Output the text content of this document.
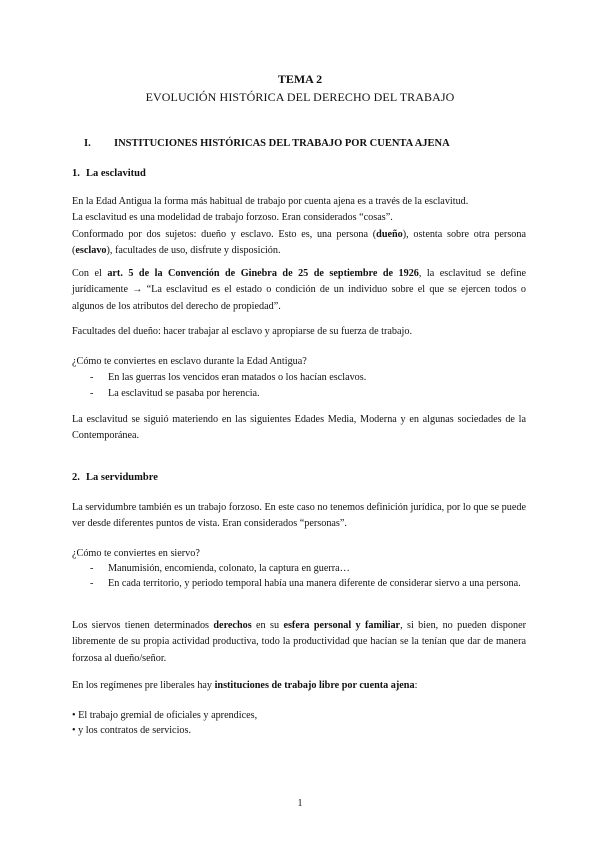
TEMA 2
EVOLUCIÓN HISTÓRICA DEL DERECHO DEL TRABAJO
I. INSTITUCIONES HISTÓRICAS DEL TRABAJO POR CUENTA AJENA
1. La esclavitud
En la Edad Antigua la forma más habitual de trabajo por cuenta ajena es a través de la esclavitud.
La esclavitud es una modelidad de trabajo forzoso. Eran considerados “cosas”.
Conformado por dos sujetos: dueño y esclavo. Esto es, una persona (dueño), ostenta sobre otra persona (esclavo), facultades de uso, disfrute y disposición.
Con el art. 5 de la Convención de Ginebra de 25 de septiembre de 1926, la esclavitud se define jurídicamente → “La esclavitud es el estado o condición de un individuo sobre el que se ejercen todos o algunos de los atributos del derecho de propiedad”.
Facultades del dueño: hacer trabajar al esclavo y apropiarse de su fuerza de trabajo.
¿Cómo te conviertes en esclavo durante la Edad Antigua?
- En las guerras los vencidos eran matados o los hacían esclavos.
- La esclavitud se pasaba por herencia.
La esclavitud se siguió materiendo en las siguientes Edades Media, Moderna y en algunas sociedades de la Contemporánea.
2. La servidumbre
La servidumbre también es un trabajo forzoso. En este caso no tenemos definición jurídica, por lo que se puede ver desde diferentes puntos de vista. Eran considerados “personas”.
¿Cómo te conviertes en siervo?
- Manumisión, encomienda, colonato, la captura en guerra…
- En cada territorio, y periodo temporal había una manera diferente de considerar siervo a una persona.
Los siervos tienen determinados derechos en su esfera personal y familiar, si bien, no pueden disponer libremente de su propia actividad productiva, todo la productividad que hacían se la tenían que dar de manera forzosa al dueño/señor.
En los regímenes pre liberales hay instituciones de trabajo libre por cuenta ajena:
• El trabajo gremial de oficiales y aprendices,
• y los contratos de servicios.
1
